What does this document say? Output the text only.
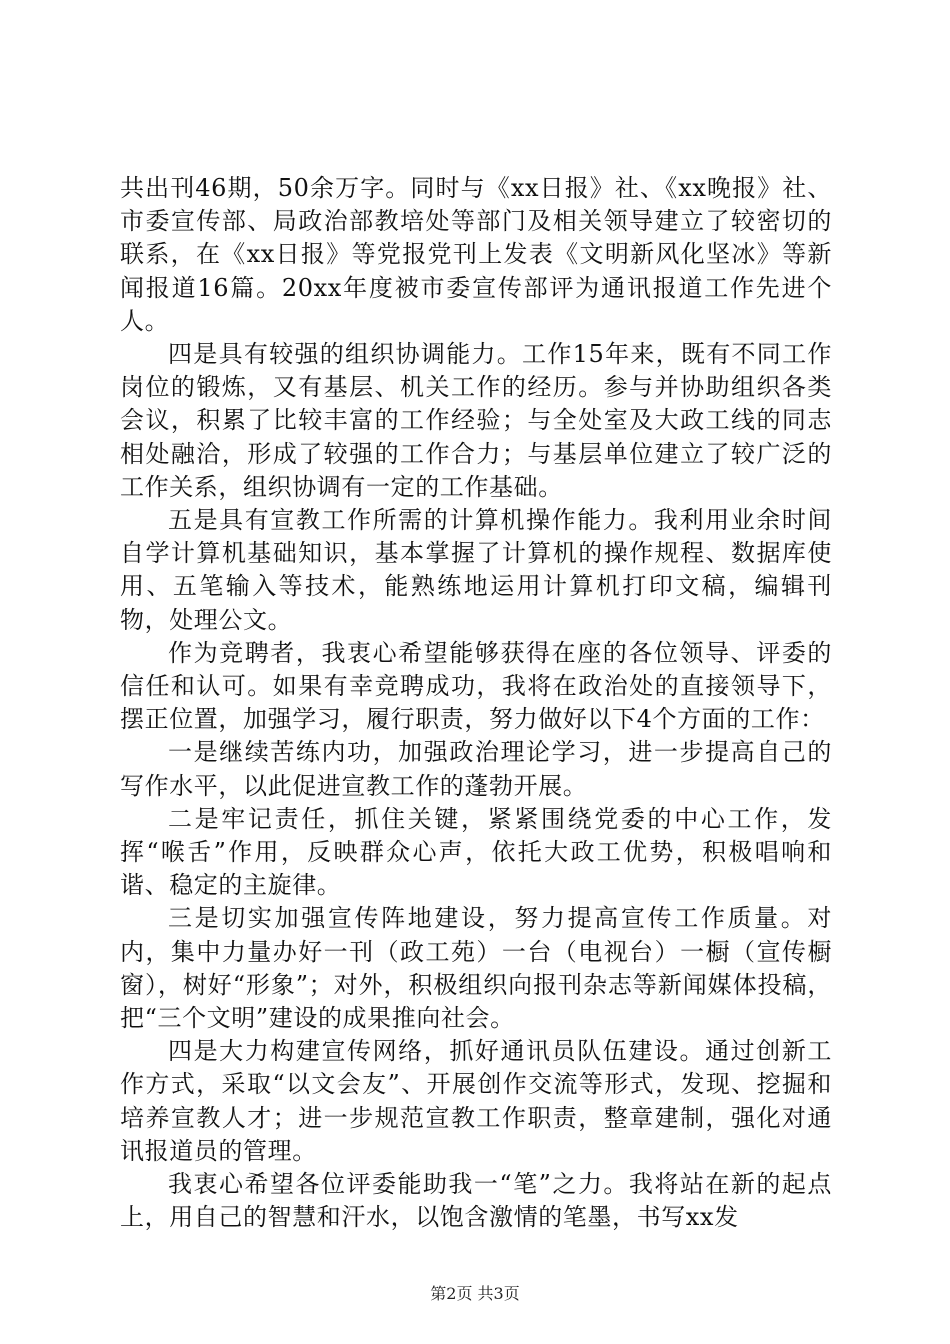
共出刊46期，50余万字。同时与《xx日报》社、《xx晚报》社、市委宣传部、局政治部教培处等部门及相关领导建立了较密切的联系，在《xx日报》等党报党刊上发表《文明新风化坚冰》等新闻报道16篇。20xx年度被市委宣传部评为通讯报道工作先进个人。

四是具有较强的组织协调能力。工作15年来，既有不同工作岗位的锻炼，又有基层、机关工作的经历。参与并协助组织各类会议，积累了比较丰富的工作经验；与全处室及大政工线的同志相处融洽，形成了较强的工作合力；与基层单位建立了较广泛的工作关系，组织协调有一定的工作基础。

五是具有宣教工作所需的计算机操作能力。我利用业余时间自学计算机基础知识，基本掌握了计算机的操作规程、数据库使用、五笔输入等技术，能熟练地运用计算机打印文稿，编辑刊物，处理公文。

作为竞聘者，我衷心希望能够获得在座的各位领导、评委的信任和认可。如果有幸竞聘成功，我将在政治处的直接领导下，摆正位置，加强学习，履行职责，努力做好以下4个方面的工作：

一是继续苦练内功，加强政治理论学习，进一步提高自己的写作水平，以此促进宣教工作的蓬勃开展。

二是牢记责任，抓住关键，紧紧围绕党委的中心工作，发挥“喉舌”作用，反映群众心声，依托大政工优势，积极唱响和谐、稳定的主旋律。

三是切实加强宣传阵地建设，努力提高宣传工作质量。对内，集中力量办好一刊（政工苑）一台（电视台）一橱（宣传橱窗），树好“形象”；对外，积极组织向报刊杂志等新闻媒体投稿，把“三个文明”建设的成果推向社会。

四是大力构建宣传网络，抓好通讯员队伍建设。通过创新工作方式，采取“以文会友”、开展创作交流等形式，发现、挖掘和培养宣教人才；进一步规范宣教工作职责，整章建制，强化对通讯报道员的管理。

我衷心希望各位评委能助我一“笔”之力。我将站在新的起点上，用自己的智慧和汗水，以饱含激情的笔墨，书写xx发

第2页 共3页
